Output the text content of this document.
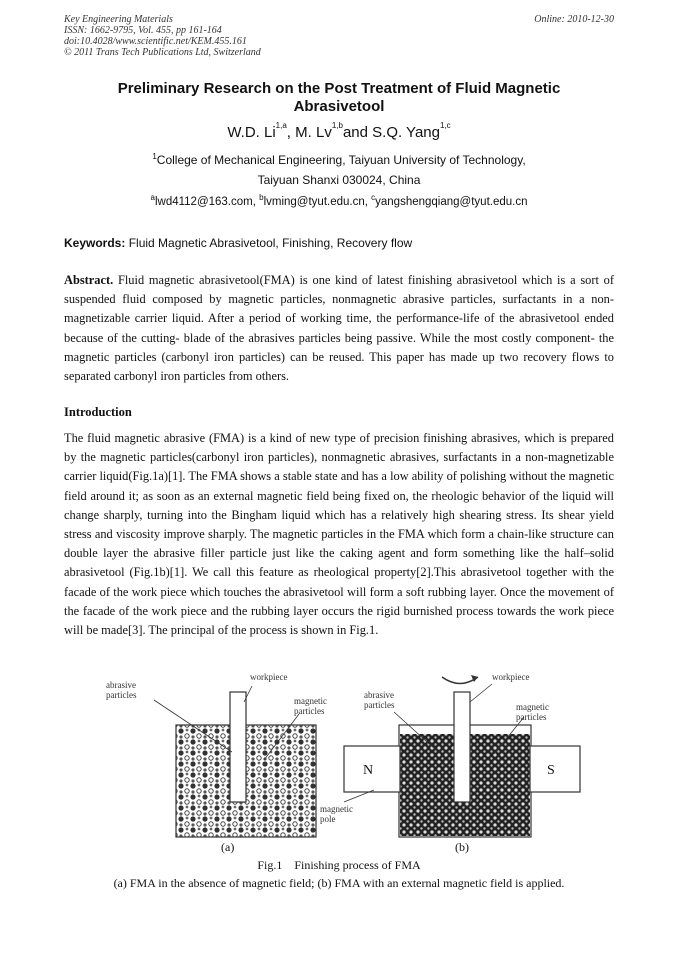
Key Engineering Materials
ISSN: 1662-9795, Vol. 455, pp 161-164
doi:10.4028/www.scientific.net/KEM.455.161
© 2011 Trans Tech Publications Ltd, Switzerland
Online: 2010-12-30
Preliminary Research on the Post Treatment of Fluid Magnetic
Abrasivetool
W.D. Li$^{1,a}$, M. Lv$^{1,b}$and S.Q. Yang$^{1,c}$
$^1$College of Mechanical Engineering, Taiyuan University of Technology,
Taiyuan Shanxi 030024, China
$^a$lwd4112@163.com, $^b$lvming@tyut.edu.cn, $^c$yangshengqiang@tyut.edu.cn
Keywords: Fluid Magnetic Abrasivetool, Finishing, Recovery flow
Abstract. Fluid magnetic abrasivetool(FMA) is one kind of latest finishing abrasivetool which is a sort of suspended fluid composed by magnetic particles, nonmagnetic abrasive particles, surfactants in a non-magnetizable carrier liquid. After a period of working time, the performance-life of the abrasivetool ended because of the cutting- blade of the abrasives particles being passive. While the most costly component- the magnetic particles (carbonyl iron particles) can be reused. This paper has made up two recovery flows to separated carbonyl iron particles from others.
Introduction
The fluid magnetic abrasive (FMA) is a kind of new type of precision finishing abrasives, which is prepared by the magnetic particles(carbonyl iron particles), nonmagnetic abrasives, surfactants in a non-magnetizable carrier liquid(Fig.1a)[1]. The FMA shows a stable state and has a low ability of polishing without the magnetic field around it; as soon as an external magnetic field being fixed on, the rheologic behavior of the liquid will change sharply, turning into the Bingham liquid which has a relatively high shearing stress. Its shear yield stress and viscosity improve sharply. The magnetic particles in the FMA which form a chain-like structure can double layer the abrasive filler particle just like the caking agent and form something like the half–solid abrasivetool (Fig.1b)[1]. We call this feature as rheological property[2].This abrasivetool together with the facade of the work piece which touches the abrasivetool will form a soft rubbing layer. Once the movement of the facade of the work piece and the rubbing layer occurs the rigid burnished process towards the work piece will be made[3]. The principal of the process is shown in Fig.1.
abrasive
particles
workpiece
magnetic
particles
N	S
abrasive
particles
workpiece
magnetic
particles
magnetic
pole
(a)	(b)
Fig.1    Finishing process of FMA
(a) FMA in the absence of magnetic field; (b) FMA with an external magnetic field is applied.
